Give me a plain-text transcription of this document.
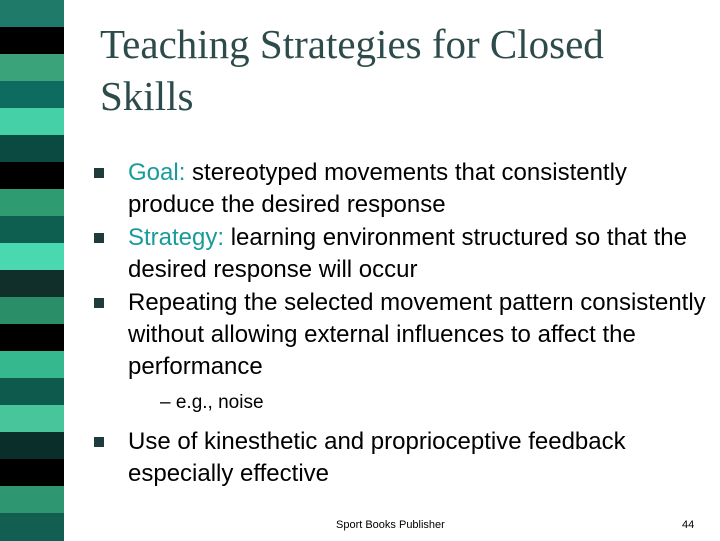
Teaching Strategies for Closed Skills
Goal: stereotyped movements that consistently produce the desired response
Strategy: learning environment structured so that the desired response will occur
Repeating the selected movement pattern consistently without allowing external influences to affect the performance
– e.g., noise
Use of kinesthetic and proprioceptive feedback especially effective
Sport Books Publisher	44
